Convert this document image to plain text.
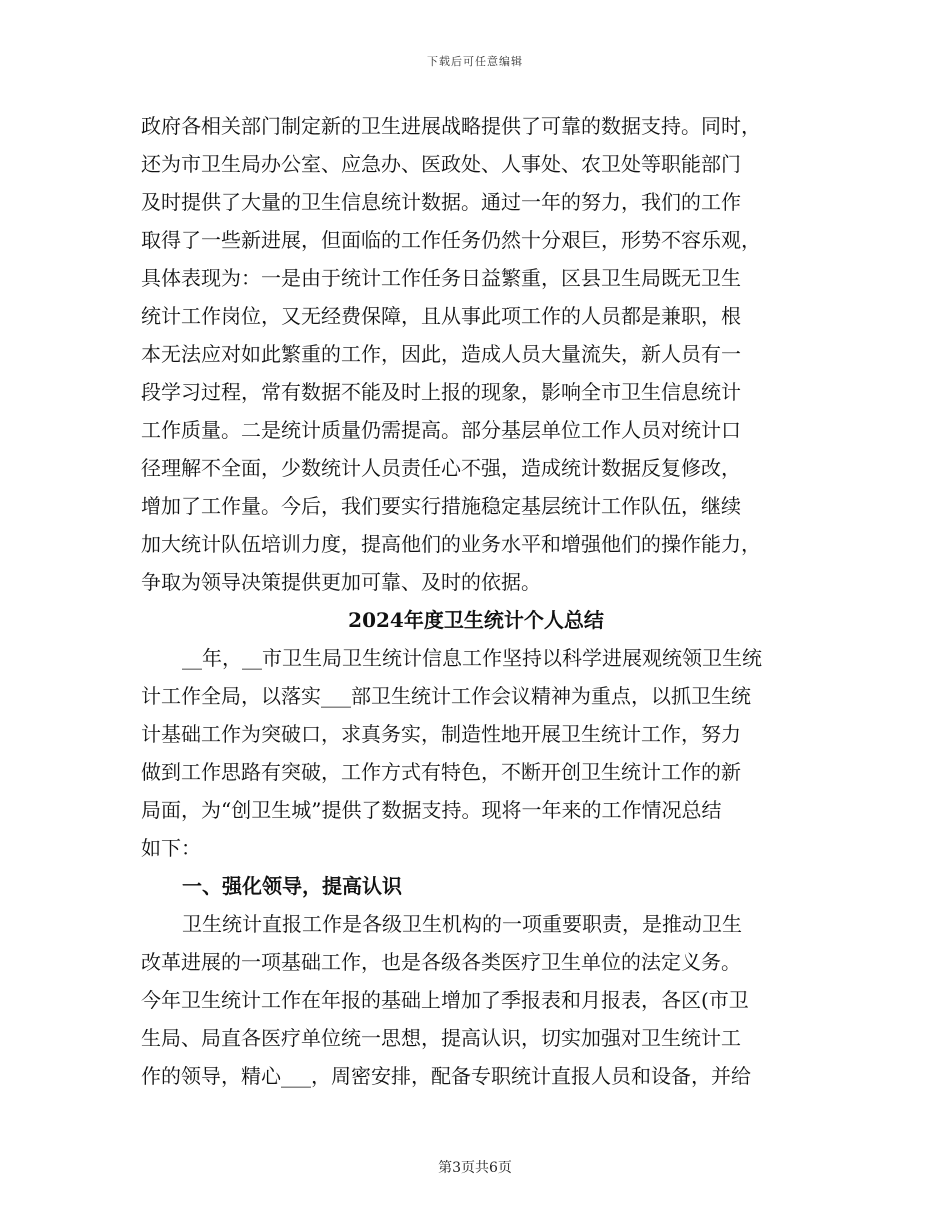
下载后可任意编辑
政府各相关部门制定新的卫生进展战略提供了可靠的数据支持。同时，
还为市卫生局办公室、应急办、医政处、人事处、农卫处等职能部门
及时提供了大量的卫生信息统计数据。通过一年的努力，我们的工作
取得了一些新进展，但面临的工作任务仍然十分艰巨，形势不容乐观，
具体表现为：一是由于统计工作任务日益繁重，区县卫生局既无卫生
统计工作岗位，又无经费保障，且从事此项工作的人员都是兼职，根
本无法应对如此繁重的工作，因此，造成人员大量流失，新人员有一
段学习过程，常有数据不能及时上报的现象，影响全市卫生信息统计
工作质量。二是统计质量仍需提高。部分基层单位工作人员对统计口
径理解不全面，少数统计人员责任心不强，造成统计数据反复修改，
增加了工作量。今后，我们要实行措施稳定基层统计工作队伍，继续
加大统计队伍培训力度，提高他们的业务水平和增强他们的操作能力，
争取为领导决策提供更加可靠、及时的依据。
2024年度卫生统计个人总结
__年，__市卫生局卫生统计信息工作坚持以科学进展观统领卫生统
计工作全局，以落实___部卫生统计工作会议精神为重点，以抓卫生统
计基础工作为突破口，求真务实，制造性地开展卫生统计工作，努力
做到工作思路有突破，工作方式有特色，不断开创卫生统计工作的新
局面，为“创卫生城”提供了数据支持。现将一年来的工作情况总结
如下：
一、强化领导，提高认识
卫生统计直报工作是各级卫生机构的一项重要职责，是推动卫生
改革进展的一项基础工作，也是各级各类医疗卫生单位的法定义务。
今年卫生统计工作在年报的基础上增加了季报表和月报表，各区(市卫
生局、局直各医疗单位统一思想，提高认识，切实加强对卫生统计工
作的领导，精心___，周密安排，配备专职统计直报人员和设备，并给
第3页共6页
